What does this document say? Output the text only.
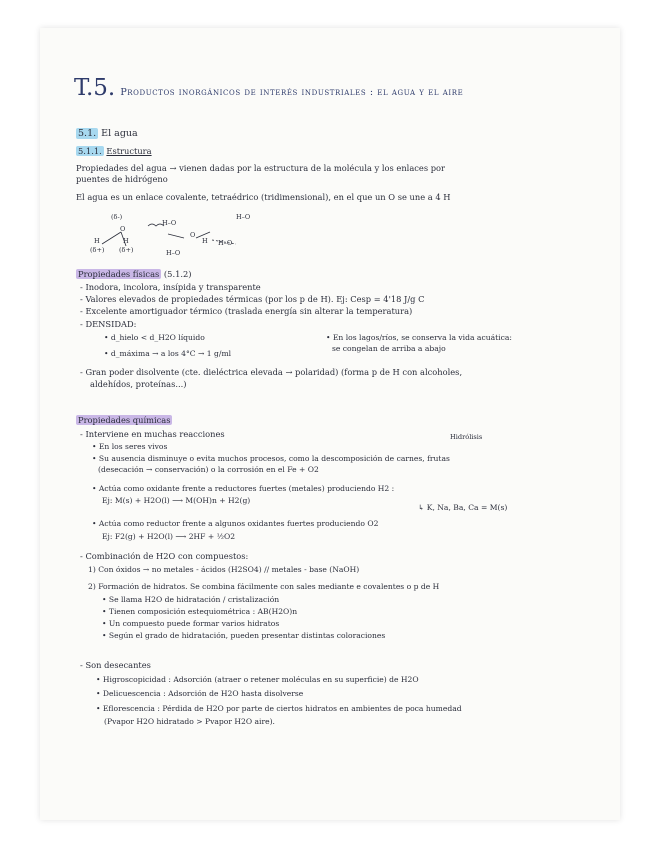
T.5. Productos inorgánicos de interés industriales : el agua y el aire
5.1. El agua
5.1.1. Estructura
Propiedades del agua → vienen dadas por la estructura de la molécula y los enlaces por
puentes de hidrógeno
El agua es un enlace covalente, tetraédrico (tridimensional), en el que un O se une a 4 H
(δ-)
O
H	H
(δ+) (δ+)
H–O
O
H H–O
H–O
H–O
Propiedades físicas (5.1.2)
- Inodora, incolora, insípida y transparente
- Valores elevados de propiedades térmicas (por los p de H). Ej: Cesp = 4'18 J/g C
- Excelente amortiguador térmico (traslada energía sin alterar la temperatura)
- DENSIDAD:
• d_hielo < d_H2O líquido
• d_máxima → a los 4°C → 1 g/ml
• En los lagos/ríos, se conserva la vida acuática:
se congelan de arriba a abajo
- Gran poder disolvente (cte. dieléctrica elevada → polaridad) (forma p de H con alcoholes,
aldehídos, proteínas...)
Propiedades químicas
Hidrólisis
- Interviene en muchas reacciones
• En los seres vivos
• Su ausencia disminuye o evita muchos procesos, como la descomposición de carnes, frutas
(desecación → conservación) o la corrosión en el Fe + O2
• Actúa como oxidante frente a reductores fuertes (metales) produciendo H2 :
Ej: M(s) + H2O(l) ⟶ M(OH)n + H2(g)
↳ K, Na, Ba, Ca = M(s)
• Actúa como reductor frente a algunos oxidantes fuertes produciendo O2
Ej: F2(g) + H2O(l) ⟶ 2HF + ½O2
- Combinación de H2O con compuestos:
1) Con óxidos → no metales - ácidos (H2SO4) // metales - base (NaOH)
2) Formación de hidratos. Se combina fácilmente con sales mediante e covalentes o p de H
• Se llama H2O de hidratación / cristalización
• Tienen composición estequiométrica : AB(H2O)n
• Un compuesto puede formar varios hidratos
• Según el grado de hidratación, pueden presentar distintas coloraciones
- Son desecantes
• Higroscopicidad : Adsorción (atraer o retener moléculas en su superficie) de H2O
• Delicuescencia : Adsorción de H2O hasta disolverse
• Eflorescencia : Pérdida de H2O por parte de ciertos hidratos en ambientes de poca humedad
(Pvapor H2O hidratado > Pvapor H2O aire).
